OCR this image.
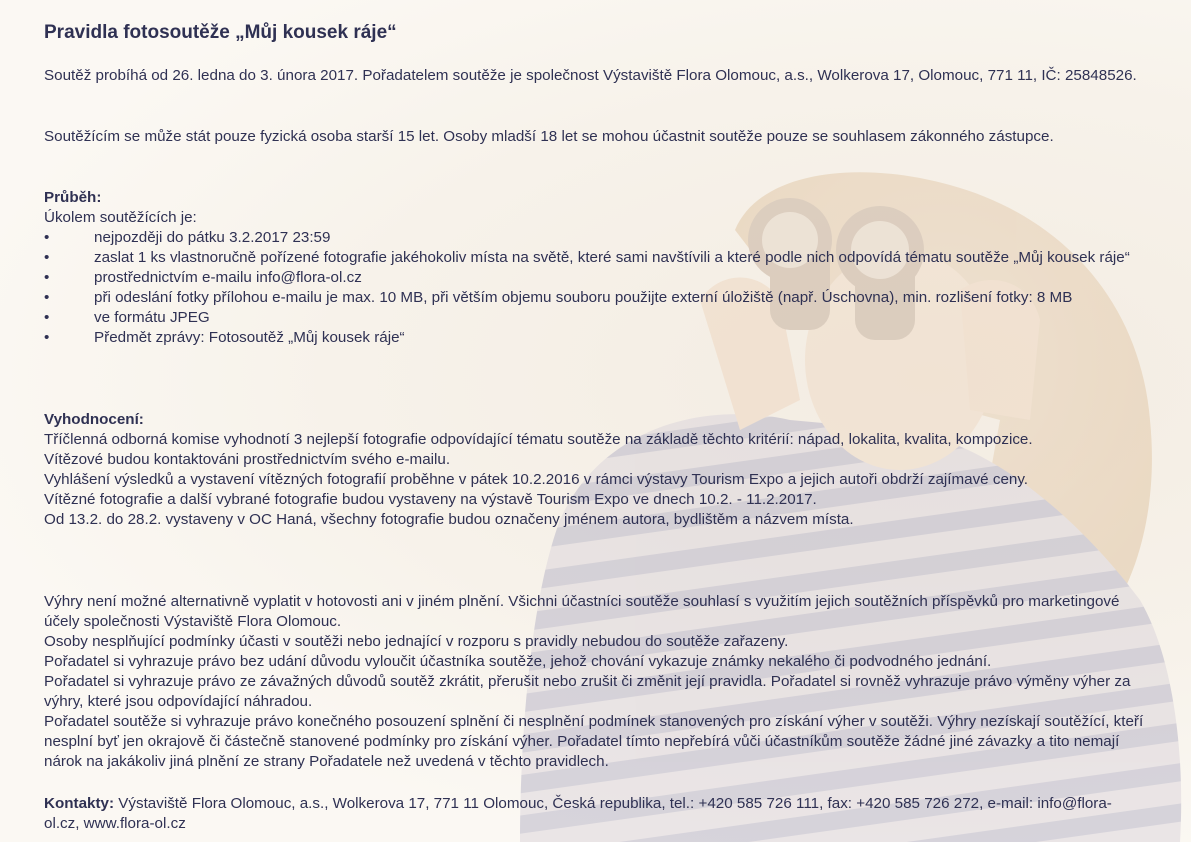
Pravidla fotosoutěže „Můj kousek ráje“

Soutěž probíhá od 26. ledna do 3. února 2017. Pořadatelem soutěže je společnost Výstaviště Flora Olomouc, a.s., Wolkerova 17, Olomouc, 771 11, IČ: 25848526.

Soutěžícím se může stát pouze fyzická osoba starší 15 let. Osoby mladší 18 let se mohou účastnit soutěže pouze se souhlasem zákonného zástupce.

Průběh:

Úkolem soutěžících je:

•	nejpozději do pátku 3.2.2017 23:59
•	zaslat 1 ks vlastnoručně pořízené fotografie jakéhokoliv místa na světě, které sami navštívili a které podle nich odpovídá tématu soutěže „Můj kousek ráje“
•	prostřednictvím e-mailu info@flora-ol.cz
•	při odeslání fotky přílohou e-mailu je max. 10 MB, při větším objemu souboru použijte externí úložiště (např. Úschovna), min. rozlišení fotky: 8 MB
•	ve formátu JPEG
•	Předmět zprávy: Fotosoutěž „Můj kousek ráje“

Vyhodnocení:

Tříčlenná odborná komise vyhodnotí 3 nejlepší fotografie odpovídající tématu soutěže na základě těchto kritérií: nápad, lokalita, kvalita, kompozice.

Vítězové budou kontaktováni prostřednictvím svého e-mailu.

Vyhlášení výsledků a vystavení vítězných fotografií proběhne v pátek 10.2.2016 v rámci výstavy Tourism Expo a jejich autoři obdrží zajímavé ceny.

Vítězné fotografie a další vybrané fotografie budou vystaveny na výstavě Tourism Expo ve dnech 10.2. - 11.2.2017.

Od 13.2. do 28.2. vystaveny v OC Haná, všechny fotografie budou označeny jménem autora, bydlištěm a názvem místa.

Výhry není možné alternativně vyplatit v hotovosti ani v jiném plnění. Všichni účastníci soutěže souhlasí s využitím jejich soutěžních příspěvků pro marketingové účely společnosti Výstaviště Flora Olomouc.

Osoby nesplňující podmínky účasti v soutěži nebo jednající v rozporu s pravidly nebudou do soutěže zařazeny.

Pořadatel si vyhrazuje právo bez udání důvodu vyloučit účastníka soutěže, jehož chování vykazuje známky nekalého či podvodného jednání.

Pořadatel si vyhrazuje právo ze závažných důvodů soutěž zkrátit, přerušit nebo zrušit či změnit její pravidla. Pořadatel si rovněž vyhrazuje právo výměny výher za výhry, které jsou odpovídající náhradou.

Pořadatel soutěže si vyhrazuje právo konečného posouzení splnění či nesplnění podmínek stanovených pro získání výher v soutěži. Výhry nezískají soutěžící, kteří nesplní byť jen okrajově či částečně stanovené podmínky pro získání výher. Pořadatel tímto nepřebírá vůči účastníkům soutěže žádné jiné závazky a tito nemají nárok na jakákoliv jiná plnění ze strany Pořadatele než uvedená v těchto pravidlech.

Kontakty: Výstaviště Flora Olomouc, a.s., Wolkerova 17, 771 11 Olomouc, Česká republika, tel.: +420 585 726 111, fax: +420 585 726 272, e-mail: info@flora-ol.cz, www.flora-ol.cz
